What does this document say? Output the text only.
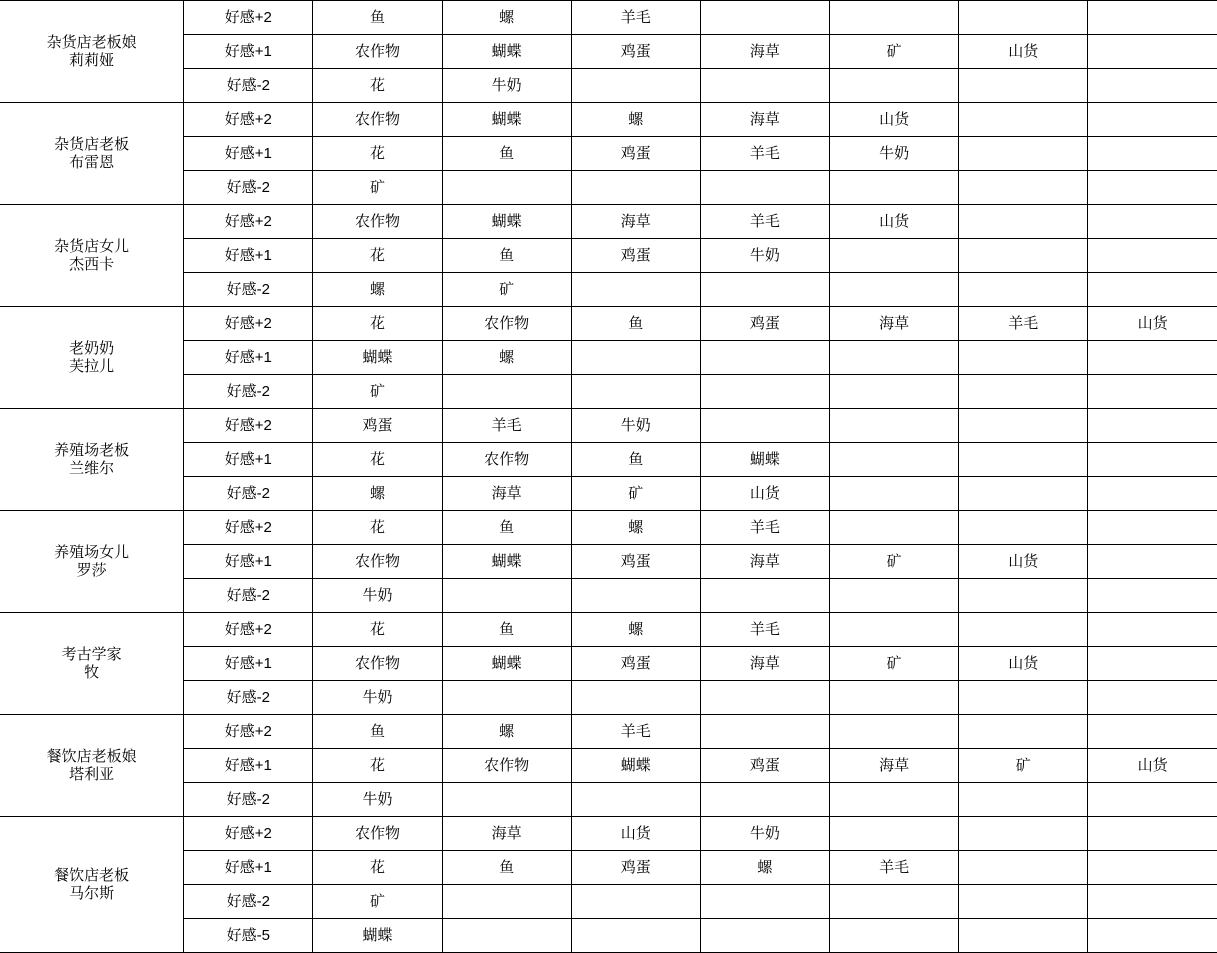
杂货店老板娘
莉莉娅	好感+2	鱼	螺	羊毛				
	好感+1	农作物	蝴蝶	鸡蛋	海草	矿	山货	
	好感-2	花	牛奶					

杂货店老板
布雷恩	好感+2	农作物	蝴蝶	螺	海草	山货		
	好感+1	花	鱼	鸡蛋	羊毛	牛奶		
	好感-2	矿						

杂货店女儿
杰西卡	好感+2	农作物	蝴蝶	海草	羊毛	山货		
	好感+1	花	鱼	鸡蛋	牛奶			
	好感-2	螺	矿					

老奶奶
芙拉儿	好感+2	花	农作物	鱼	鸡蛋	海草	羊毛	山货
	好感+1	蝴蝶	螺					
	好感-2	矿						

养殖场老板
兰维尔	好感+2	鸡蛋	羊毛	牛奶				
	好感+1	花	农作物	鱼	蝴蝶			
	好感-2	螺	海草	矿	山货			

养殖场女儿
罗莎	好感+2	花	鱼	螺	羊毛			
	好感+1	农作物	蝴蝶	鸡蛋	海草	矿	山货	
	好感-2	牛奶						

考古学家
牧	好感+2	花	鱼	螺	羊毛			
	好感+1	农作物	蝴蝶	鸡蛋	海草	矿	山货	
	好感-2	牛奶						

餐饮店老板娘
塔利亚	好感+2	鱼	螺	羊毛				
	好感+1	花	农作物	蝴蝶	鸡蛋	海草	矿	山货
	好感-2	牛奶						

餐饮店老板
马尔斯	好感+2	农作物	海草	山货	牛奶			
	好感+1	花	鱼	鸡蛋	螺	羊毛		
	好感-2	矿						
	好感-5	蝴蝶						
